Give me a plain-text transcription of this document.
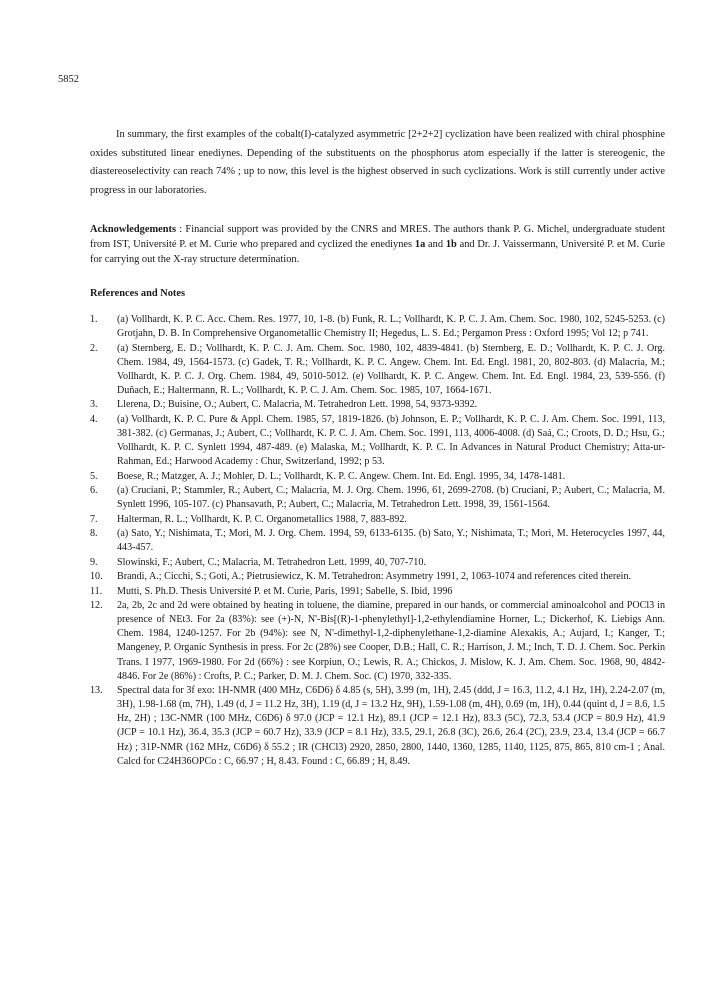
5852

In summary, the first examples of the cobalt(I)-catalyzed asymmetric [2+2+2] cyclization have been realized with chiral phosphine oxides substituted linear enediynes. Depending of the substituents on the phosphorus atom especially if the latter is stereogenic, the diastereoselectivity can reach 74% ; up to now, this level is the highest observed in such cyclizations. Work is still currently under active progress in our laboratories.

Acknowledgements : Financial support was provided by the CNRS and MRES. The authors thank P. G. Michel, undergraduate student from IST, Université P. et M. Curie who prepared and cyclized the enediynes 1a and 1b and Dr. J. Vaissermann, Université P. et M. Curie for carrying out the X-ray structure determination.

References and Notes
1.	(a) Vollhardt, K. P. C. Acc. Chem. Res. 1977, 10, 1-8. (b) Funk, R. L.; Vollhardt, K. P. C. J. Am. Chem. Soc. 1980, 102, 5245-5253. (c) Grotjahn, D. B. In Comprehensive Organometallic Chemistry II; Hegedus, L. S. Ed.; Pergamon Press : Oxford 1995; Vol 12; p 741.
2.	(a) Sternberg, E. D.; Vollhardt, K. P. C. J. Am. Chem. Soc. 1980, 102, 4839-4841. (b) Sternberg, E. D.; Vollhardt, K. P. C. J. Org. Chem. 1984, 49, 1564-1573. (c) Gadek, T. R.; Vollhardt, K. P. C. Angew. Chem. Int. Ed. Engl. 1981, 20, 802-803. (d) Malacria, M.; Vollhardt, K. P. C. J. Org. Chem. 1984, 49, 5010-5012. (e) Vollhardt, K. P. C. Angew. Chem. Int. Ed. Engl. 1984, 23, 539-556. (f) Duñach, E.; Haltermann, R. L.; Vollhardt, K. P. C. J. Am. Chem. Soc. 1985, 107, 1664-1671.
3.	Llerena, D.; Buisine, O.; Aubert, C. Malacria, M. Tetrahedron Lett. 1998, 54, 9373-9392.
4.	(a) Vollhardt, K. P. C. Pure & Appl. Chem. 1985, 57, 1819-1826. (b) Johnson, E. P.; Vollhardt, K. P. C. J. Am. Chem. Soc. 1991, 113, 381-382. (c) Germanas, J.; Aubert, C.; Vollhardt, K. P. C. J. Am. Chem. Soc. 1991, 113, 4006-4008. (d) Saá, C.; Croots, D. D.; Hsu, G.; Vollhardt, K. P. C. Synlett 1994, 487-489. (e) Malaska, M.; Vollhardt, K. P. C. In Advances in Natural Product Chemistry; Atta-ur-Rahman, Ed.; Harwood Academy : Chur, Switzerland, 1992; p 53.
5.	Boese, R.; Matzger, A. J.; Mohler, D. L.; Vollhardt, K. P. C. Angew. Chem. Int. Ed. Engl. 1995, 34, 1478-1481.
6.	(a) Cruciani, P.; Stammler, R.; Aubert, C.; Malacria, M. J. Org. Chem. 1996, 61, 2699-2708. (b) Cruciani, P.; Aubert, C.; Malacria, M. Synlett 1996, 105-107. (c) Phansavath, P.; Aubert, C.; Malacria, M. Tetrahedron Lett. 1998, 39, 1561-1564.
7.	Halterman, R. L.; Vollhardt, K. P. C. Organometallics 1988, 7, 883-892.
8.	(a) Sato, Y.; Nishimata, T.; Mori, M. J. Org. Chem. 1994, 59, 6133-6135. (b) Sato, Y.; Nishimata, T.; Mori, M. Heterocycles 1997, 44, 443-457.
9.	Slowinski, F.; Aubert, C.; Malacria, M. Tetrahedron Lett. 1999, 40, 707-710.
10.	Brandi, A.; Cicchi, S.; Goti, A.; Pietrusiewicz, K. M. Tetrahedron: Asymmetry 1991, 2, 1063-1074 and references cited therein.
11.	Mutti, S. Ph.D. Thesis Université P. et M. Curie, Paris, 1991; Sabelle, S. Ibid, 1996
12.	2a, 2b, 2c and 2d were obtained by heating in toluene, the diamine, prepared in our hands, or commercial aminoalcohol and POCl3 in presence of NEt3. For 2a (83%): see (+)-N, N'-Bis[(R)-1-phenylethyl]-1,2-ethylendiamine Horner, L.; Dickerhof, K. Liebigs Ann. Chem. 1984, 1240-1257. For 2b (94%): see N, N'-dimethyl-1,2-diphenylethane-1,2-diamine Alexakis, A.; Aujard, I.; Kanger, T.; Mangeney, P. Organic Synthesis in press. For 2c (28%) see Cooper, D.B.; Hall, C. R.; Harrison, J. M.; Inch, T. D. J. Chem. Soc. Perkin Trans. I 1977, 1969-1980. For 2d (66%) : see Korpiun, O.; Lewis, R. A.; Chickos, J. Mislow, K. J. Am. Chem. Soc. 1968, 90, 4842-4846. For 2e (86%) : Crofts, P. C.; Parker, D. M. J. Chem. Soc. (C) 1970, 332-335.
13.	Spectral data for 3f exo: 1H-NMR (400 MHz, C6D6) δ 4.85 (s, 5H), 3.99 (m, 1H), 2.45 (ddd, J = 16.3, 11.2, 4.1 Hz, 1H), 2.24-2.07 (m, 3H), 1.98-1.68 (m, 7H), 1.49 (d, J = 11.2 Hz, 3H), 1.19 (d, J = 13.2 Hz, 9H), 1.59-1.08 (m, 4H), 0.69 (m, 1H), 0.44 (quint d, J = 8.6, 1.5 Hz, 2H) ; 13C-NMR (100 MHz, C6D6) δ 97.0 (JCP = 12.1 Hz), 89.1 (JCP = 12.1 Hz), 83.3 (5C), 72.3, 53.4 (JCP = 80.9 Hz), 41.9 (JCP = 10.1 Hz), 36.4, 35.3 (JCP = 60.7 Hz), 33.9 (JCP = 8.1 Hz), 33.5, 29.1, 26.8 (3C), 26.6, 26.4 (2C), 23.9, 23.4, 13.4 (JCP = 66.7 Hz) ; 31P-NMR (162 MHz, C6D6) δ 55.2 ; IR (CHCl3) 2920, 2850, 2800, 1440, 1360, 1285, 1140, 1125, 875, 865, 810 cm-1 ; Anal. Calcd for C24H36OPCo : C, 66.97 ; H, 8.43. Found : C, 66.89 ; H, 8.49.
